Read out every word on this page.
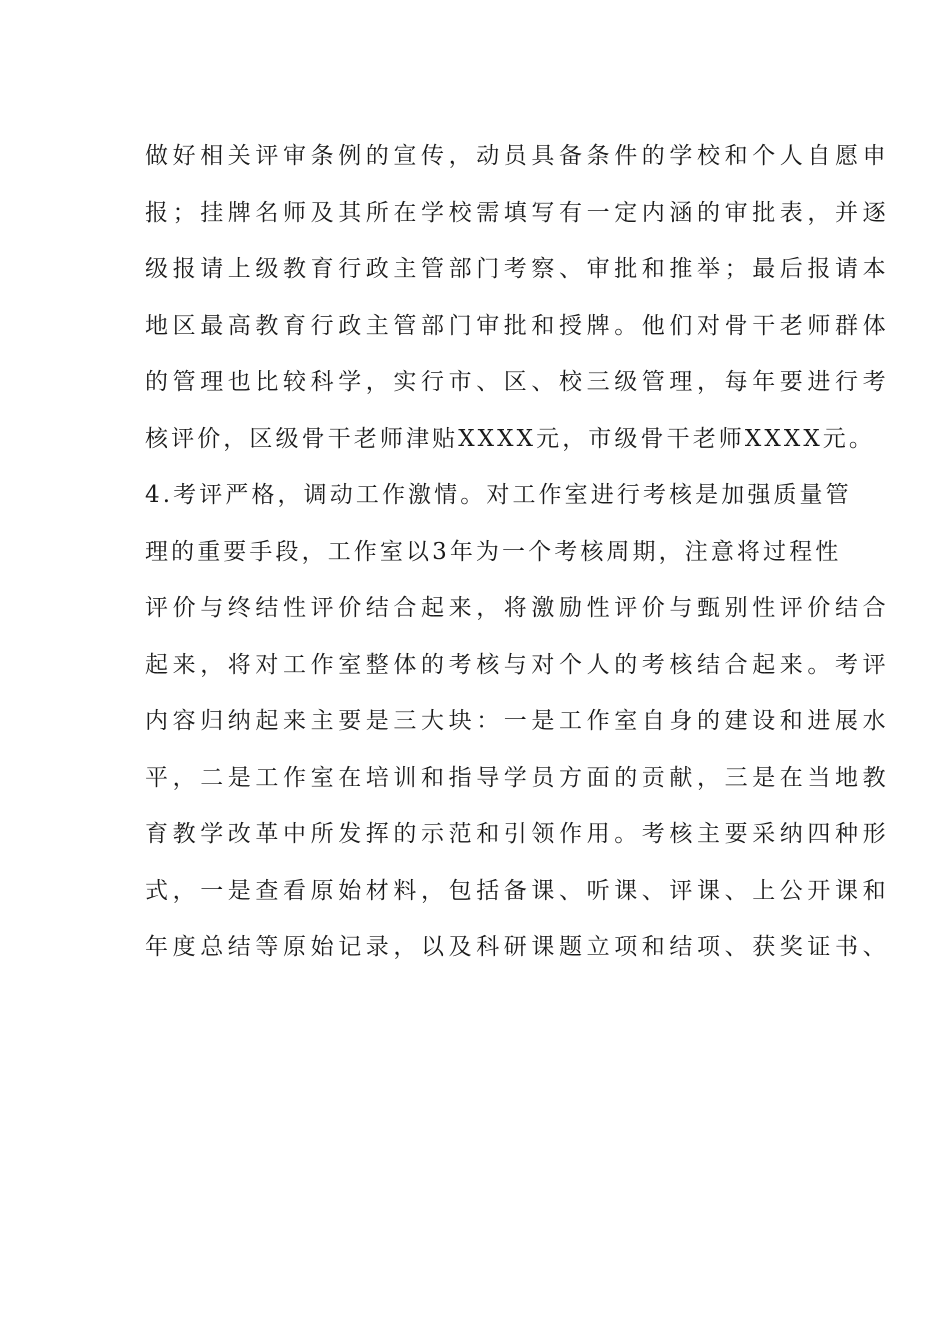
做好相关评审条例的宣传，动员具备条件的学校和个人自愿申
报；挂牌名师及其所在学校需填写有一定内涵的审批表，并逐
级报请上级教育行政主管部门考察、审批和推举；最后报请本
地区最高教育行政主管部门审批和授牌。他们对骨干老师群体
的管理也比较科学，实行市、区、校三级管理，每年要进行考
核评价，区级骨干老师津贴XXXX元，市级骨干老师XXXX元。
4.考评严格，调动工作激情。对工作室进行考核是加强质量管
理的重要手段，工作室以3年为一个考核周期，注意将过程性
评价与终结性评价结合起来，将激励性评价与甄别性评价结合
起来，将对工作室整体的考核与对个人的考核结合起来。考评
内容归纳起来主要是三大块：一是工作室自身的建设和进展水
平，二是工作室在培训和指导学员方面的贡献，三是在当地教
育教学改革中所发挥的示范和引领作用。考核主要采纳四种形
式，一是查看原始材料，包括备课、听课、评课、上公开课和
年度总结等原始记录，以及科研课题立项和结项、获奖证书、
